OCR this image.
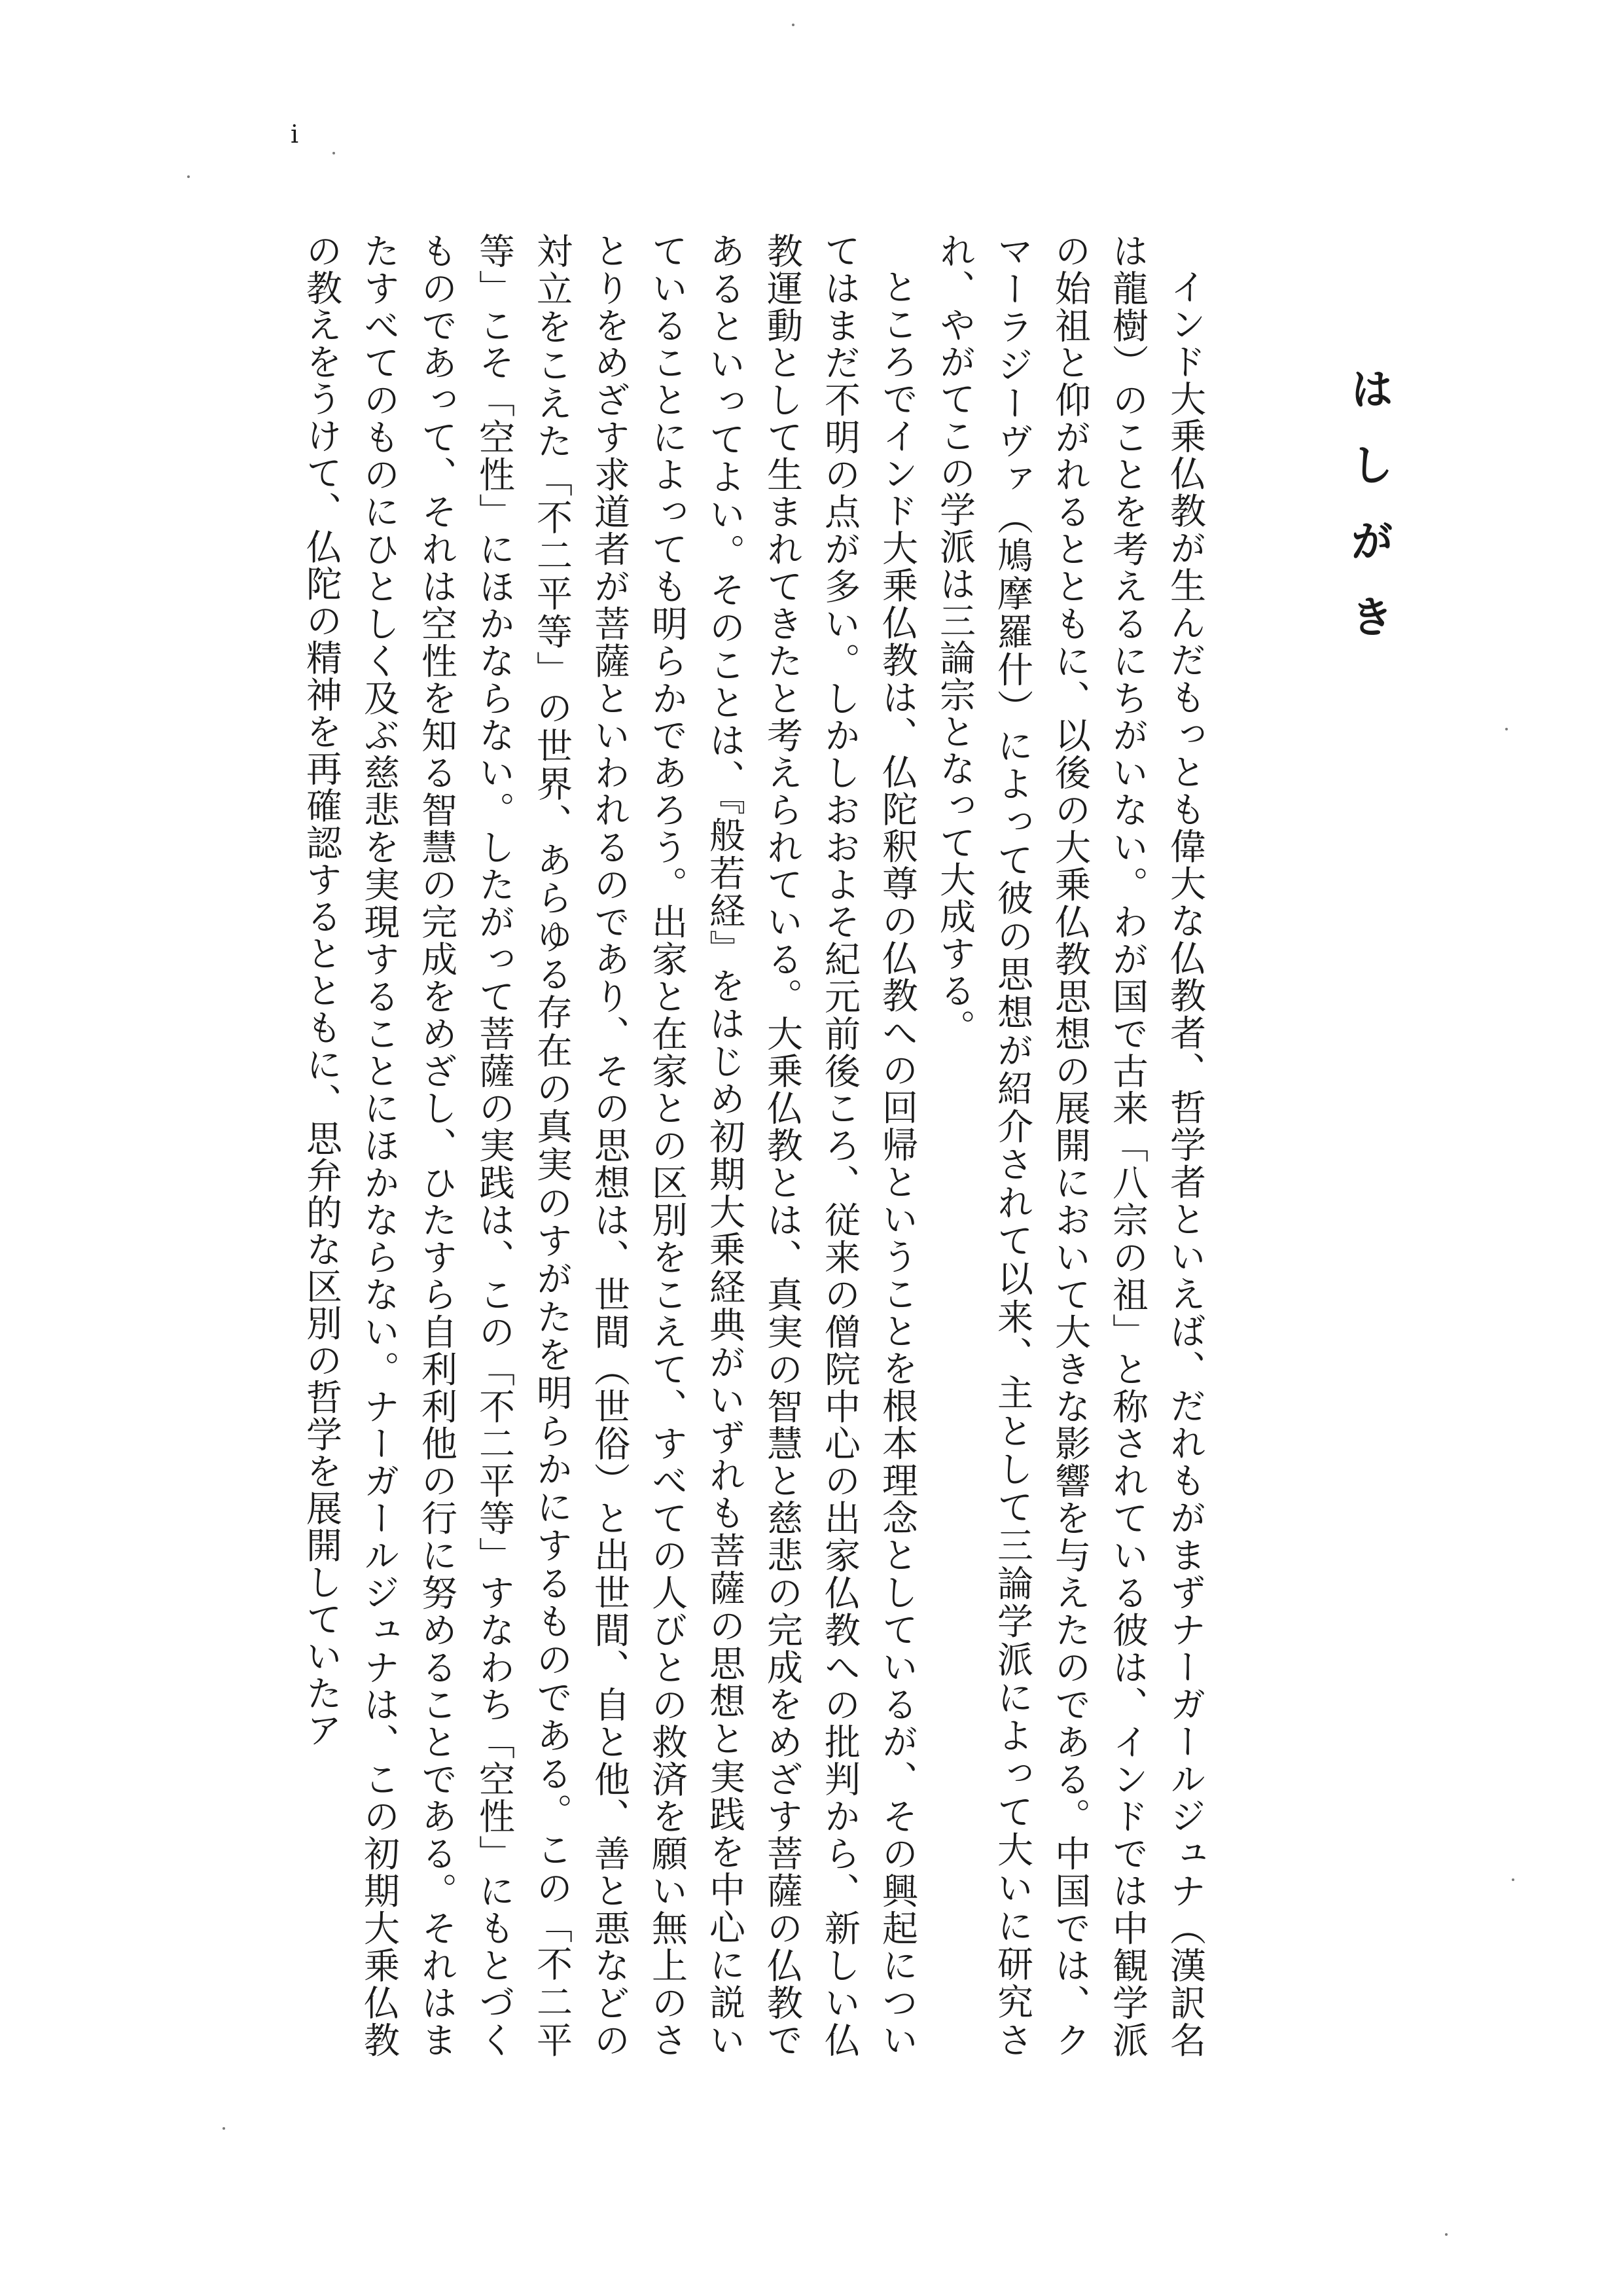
i
はしがき

インド大乗仏教が生んだもっとも偉大な仏教者、哲学者といえば、だれもがまずナーガールジュナ（漢訳名は龍樹）のことを考えるにちがいない。わが国で古来「八宗の祖」と称されている彼は、インドでは中観学派の始祖と仰がれるとともに、以後の大乗仏教思想の展開において大きな影響を与えたのである。中国では、クマーラジーヴァ（鳩摩羅什）によって彼の思想が紹介されて以来、主として三論学派によって大いに研究され、やがてこの学派は三論宗となって大成する。

ところでインド大乗仏教は、仏陀釈尊の仏教への回帰ということを根本理念としているが、その興起についてはまだ不明の点が多い。しかしおおよそ紀元前後ころ、従来の僧院中心の出家仏教への批判から、新しい仏教運動として生まれてきたと考えられている。大乗仏教とは、真実の智慧と慈悲の完成をめざす菩薩の仏教であるといってよい。そのことは、『般若経』をはじめ初期大乗経典がいずれも菩薩の思想と実践を中心に説いていることによっても明らかであろう。出家と在家との区別をこえて、すべての人びとの救済を願い無上のさとりをめざす求道者が菩薩といわれるのであり、その思想は、世間（世俗）と出世間、自と他、善と悪などの対立をこえた「不二平等」の世界、あらゆる存在の真実のすがたを明らかにするものである。この「不二平等」こそ「空性」にほかならない。したがって菩薩の実践は、この「不二平等」すなわち「空性」にもとづくものであって、それは空性を知る智慧の完成をめざし、ひたすら自利利他の行に努めることである。それはまたすべてのものにひとしく及ぶ慈悲を実現することにほかならない。ナーガールジュナは、この初期大乗仏教の教えをうけて、仏陀の精神を再確認するとともに、思弁的な区別の哲学を展開していたア
